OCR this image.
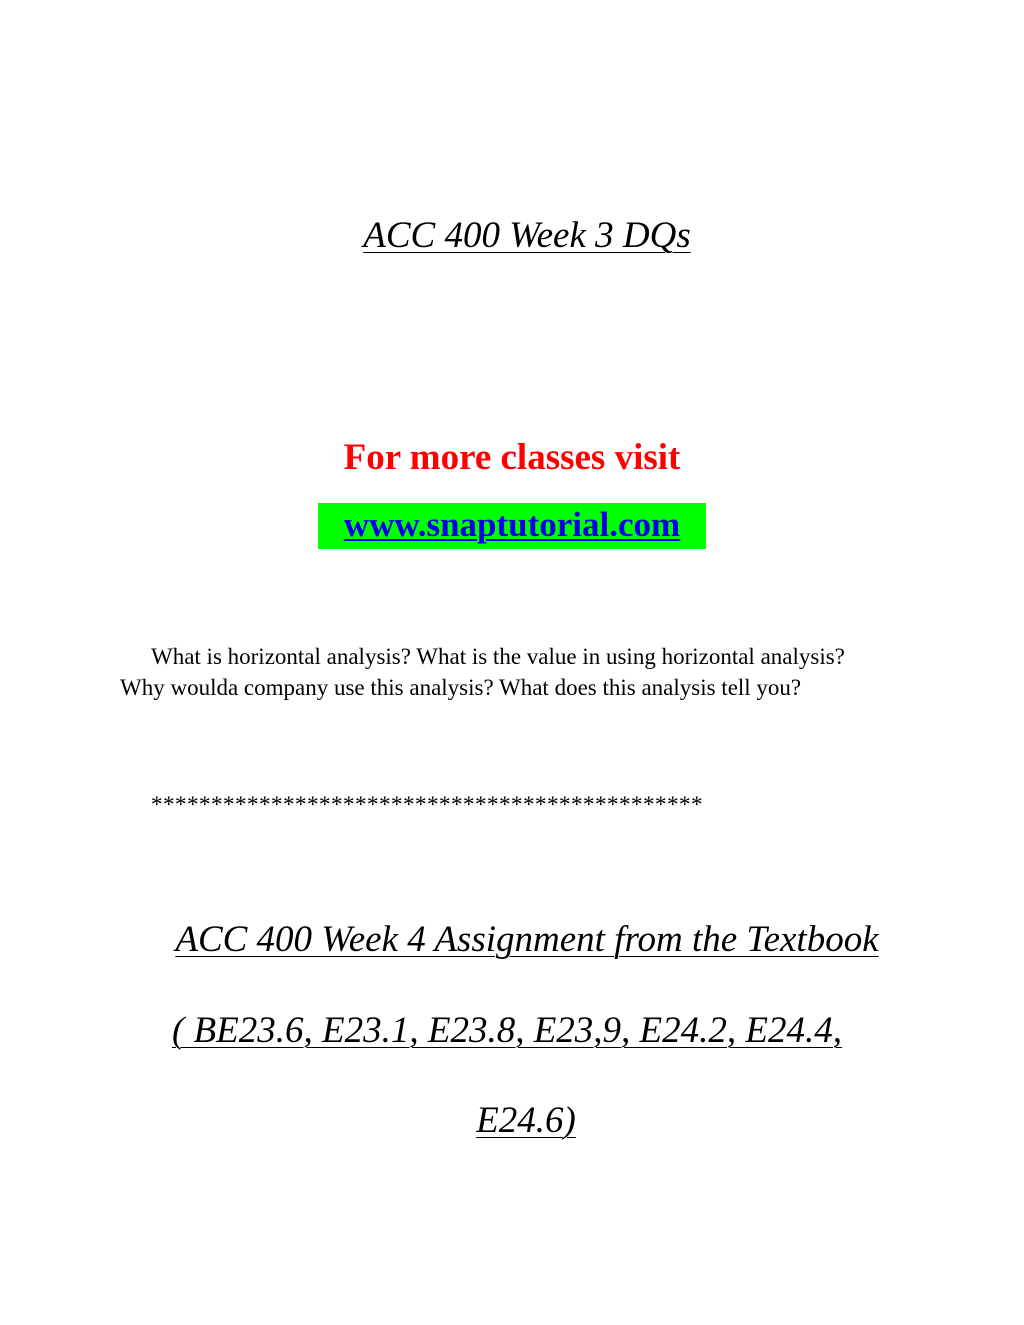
ACC 400 Week 3 DQs
For more classes visit
www.snaptutorial.com
What is horizontal analysis? What is the value in using horizontal analysis? Why woulda company use this analysis? What does this analysis tell you?
**********************************************
ACC 400 Week 4 Assignment from the Textbook
( BE23.6, E23.1, E23.8, E23,9, E24.2, E24.4,
E24.6)
